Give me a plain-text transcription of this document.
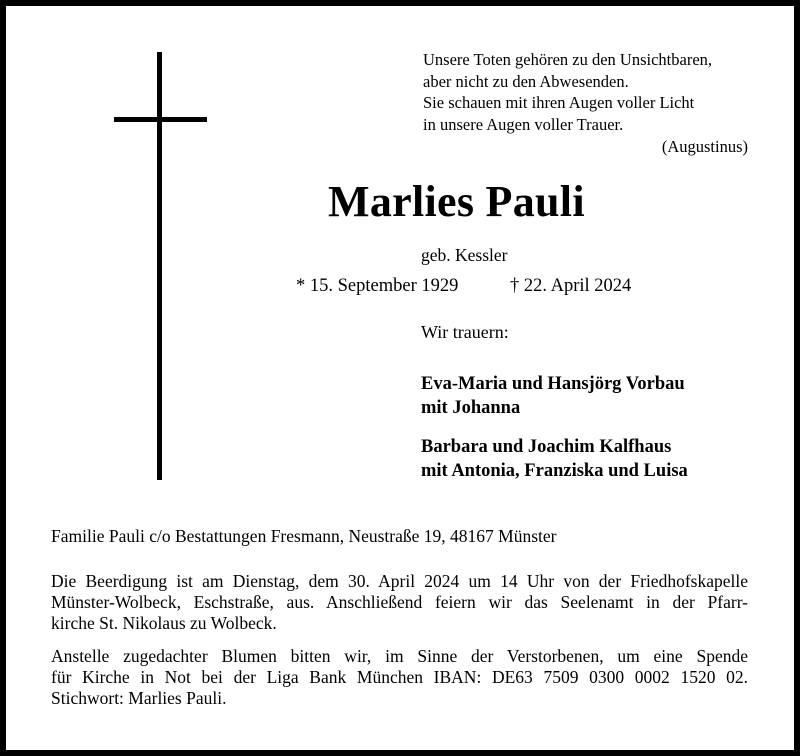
Unsere Toten gehören zu den Unsichtbaren,
aber nicht zu den Abwesenden.
Sie schauen mit ihren Augen voller Licht
in unsere Augen voller Trauer.
(Augustinus)
Marlies Pauli
geb. Kessler
* 15. September 1929	† 22. April 2024
Wir trauern:
Eva-Maria und Hansjörg Vorbau
mit Johanna
Barbara und Joachim Kalfhaus
mit Antonia, Franziska und Luisa
Familie Pauli c/o Bestattungen Fresmann, Neustraße 19, 48167 Münster
Die Beerdigung ist am Dienstag, dem 30. April 2024 um 14 Uhr von der Friedhofskapelle
Münster-Wolbeck, Eschstraße, aus. Anschließend feiern wir das Seelenamt in der Pfarr-
kirche St. Nikolaus zu Wolbeck.
Anstelle zugedachter Blumen bitten wir, im Sinne der Verstorbenen, um eine Spende
für Kirche in Not bei der Liga Bank München IBAN: DE63 7509 0300 0002 1520 02.
Stichwort: Marlies Pauli.
